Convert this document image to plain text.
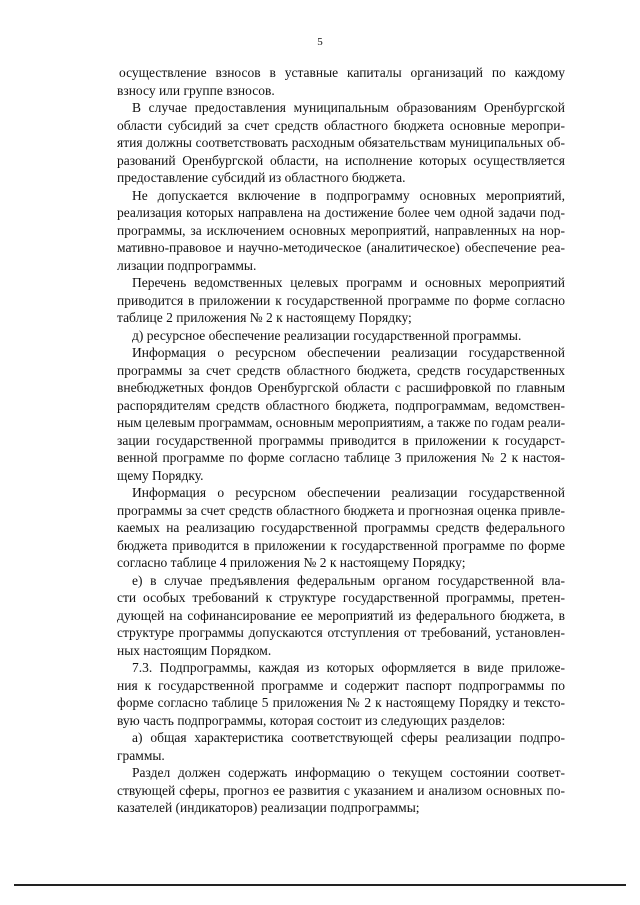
5
осуществление взносов в уставные капиталы организаций по каждому
взносу или группе взносов.
В случае предоставления муниципальным образованиям Оренбургской
области субсидий за счет средств областного бюджета основные меропри-
ятия должны соответствовать расходным обязательствам муниципальных об-
разований Оренбургской области, на исполнение которых осуществляется
предоставление субсидий из областного бюджета.
Не допускается включение в подпрограмму основных мероприятий,
реализация которых направлена на достижение более чем одной задачи под-
программы, за исключением основных мероприятий, направленных на нор-
мативно-правовое и научно-методическое (аналитическое) обеспечение реа-
лизации подпрограммы.
Перечень ведомственных целевых программ и основных мероприятий
приводится в приложении к государственной программе по форме согласно
таблице 2 приложения № 2 к настоящему Порядку;
д) ресурсное обеспечение реализации государственной программы.
Информация о ресурсном обеспечении реализации государственной
программы за счет средств областного бюджета, средств государственных
внебюджетных фондов Оренбургской области с расшифровкой по главным
распорядителям средств областного бюджета, подпрограммам, ведомствен-
ным целевым программам, основным мероприятиям, а также по годам реали-
зации государственной программы приводится в приложении к государст-
венной программе по форме согласно таблице 3 приложения № 2 к настоя-
щему Порядку.
Информация о ресурсном обеспечении реализации государственной
программы за счет средств областного бюджета и прогнозная оценка привле-
каемых на реализацию государственной программы средств федерального
бюджета приводится в приложении к государственной программе по форме
согласно таблице 4 приложения № 2 к настоящему Порядку;
е) в случае предъявления федеральным органом государственной вла-
сти особых требований к структуре государственной программы, претен-
дующей на софинансирование ее мероприятий из федерального бюджета, в
структуре программы допускаются отступления от требований, установлен-
ных настоящим Порядком.
7.3. Подпрограммы, каждая из которых оформляется в виде приложе-
ния к государственной программе и содержит паспорт подпрограммы по
форме согласно таблице 5 приложения № 2 к настоящему Порядку и тексто-
вую часть подпрограммы, которая состоит из следующих разделов:
а) общая характеристика соответствующей сферы реализации подпро-
граммы.
Раздел должен содержать информацию о текущем состоянии соответ-
ствующей сферы, прогноз ее развития с указанием и анализом основных по-
казателей (индикаторов) реализации подпрограммы;
